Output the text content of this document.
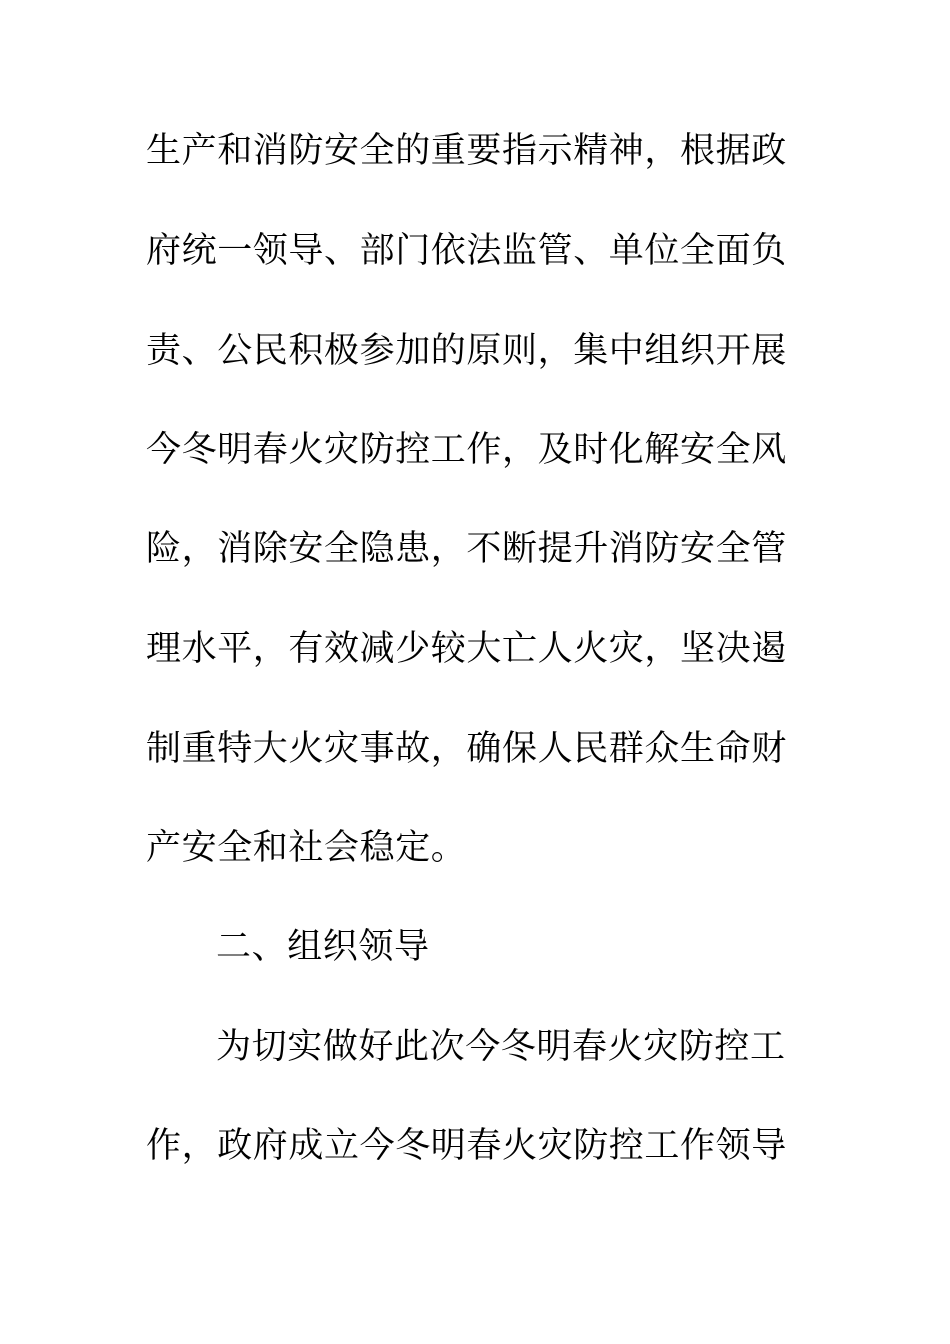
生产和消防安全的重要指示精神，根据政
府统一领导、部门依法监管、单位全面负
责、公民积极参加的原则，集中组织开展
今冬明春火灾防控工作，及时化解安全风
险，消除安全隐患，不断提升消防安全管
理水平，有效减少较大亡人火灾，坚决遏
制重特大火灾事故，确保人民群众生命财
产安全和社会稳定。
二、组织领导
为切实做好此次今冬明春火灾防控工
作，政府成立今冬明春火灾防控工作领导
